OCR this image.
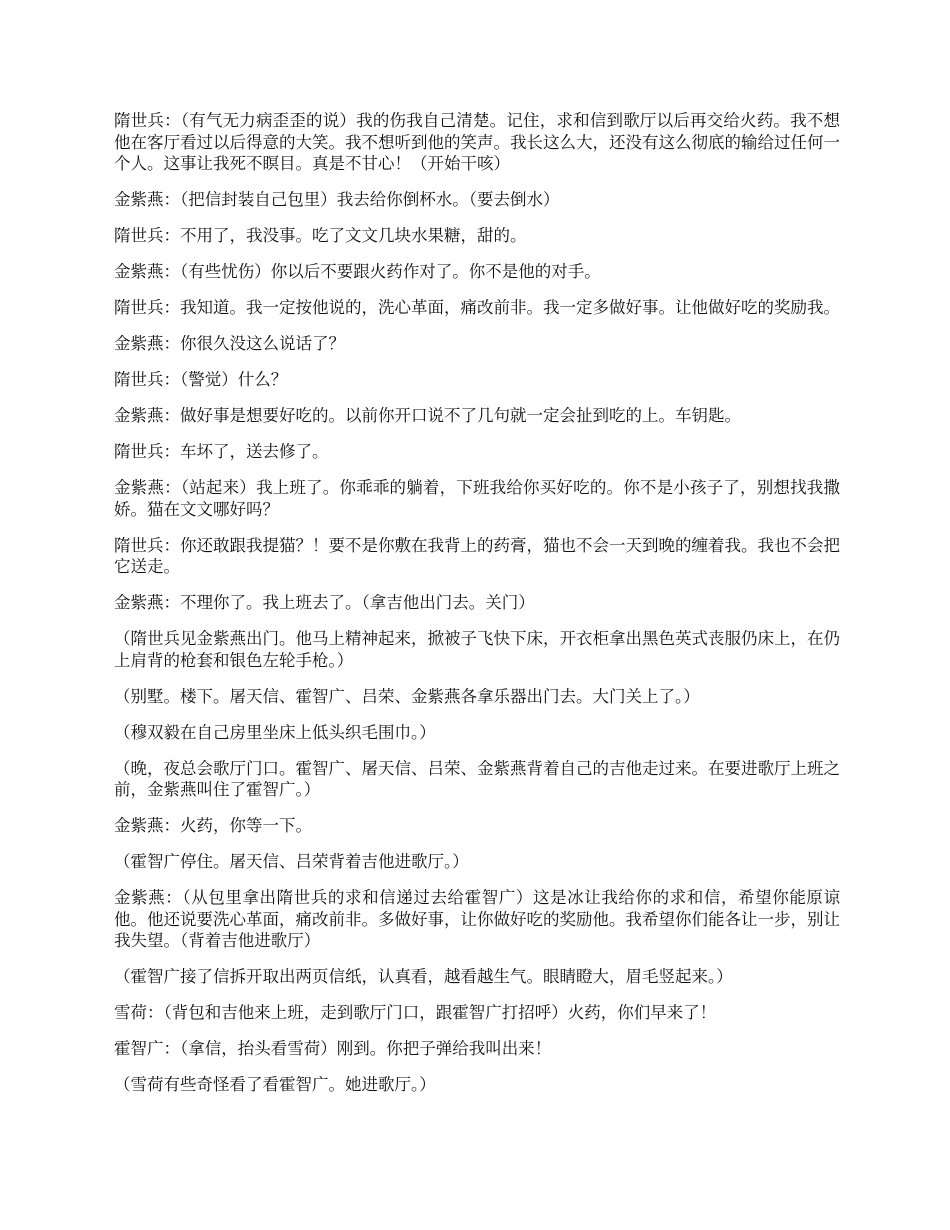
隋世兵：（有气无力病歪歪的说）我的伤我自己清楚。记住，求和信到歌厅以后再交给火药。我不想他在客厅看过以后得意的大笑。我不想听到他的笑声。我长这么大，还没有这么彻底的输给过任何一个人。这事让我死不瞑目。真是不甘心！（开始干咳）

金紫燕：（把信封装自己包里）我去给你倒杯水。（要去倒水）

隋世兵：不用了，我没事。吃了文文几块水果糖，甜的。

金紫燕：（有些忧伤）你以后不要跟火药作对了。你不是他的对手。

隋世兵：我知道。我一定按他说的，洗心革面，痛改前非。我一定多做好事。让他做好吃的奖励我。

金紫燕：你很久没这么说话了？

隋世兵：（警觉）什么？

金紫燕：做好事是想要好吃的。以前你开口说不了几句就一定会扯到吃的上。车钥匙。

隋世兵：车坏了，送去修了。

金紫燕：（站起来）我上班了。你乖乖的躺着，下班我给你买好吃的。你不是小孩子了，别想找我撒娇。猫在文文哪好吗？

隋世兵：你还敢跟我提猫？！要不是你敷在我背上的药膏，猫也不会一天到晚的缠着我。我也不会把它送走。

金紫燕：不理你了。我上班去了。（拿吉他出门去。关门）

（隋世兵见金紫燕出门。他马上精神起来，掀被子飞快下床，开衣柜拿出黑色英式丧服仍床上，在仍上肩背的枪套和银色左轮手枪。）

（别墅。楼下。屠天信、霍智广、吕荣、金紫燕各拿乐器出门去。大门关上了。）

（穆双毅在自己房里坐床上低头织毛围巾。）

（晚，夜总会歌厅门口。霍智广、屠天信、吕荣、金紫燕背着自己的吉他走过来。在要进歌厅上班之前，金紫燕叫住了霍智广。）

金紫燕：火药，你等一下。

（霍智广停住。屠天信、吕荣背着吉他进歌厅。）

金紫燕：（从包里拿出隋世兵的求和信递过去给霍智广）这是冰让我给你的求和信，希望你能原谅他。他还说要洗心革面，痛改前非。多做好事，让你做好吃的奖励他。我希望你们能各让一步，别让我失望。（背着吉他进歌厅）

（霍智广接了信拆开取出两页信纸，认真看，越看越生气。眼睛瞪大，眉毛竖起来。）

雪荷：（背包和吉他来上班，走到歌厅门口，跟霍智广打招呼）火药，你们早来了！

霍智广：（拿信，抬头看雪荷）刚到。你把子弹给我叫出来！

（雪荷有些奇怪看了看霍智广。她进歌厅。）
